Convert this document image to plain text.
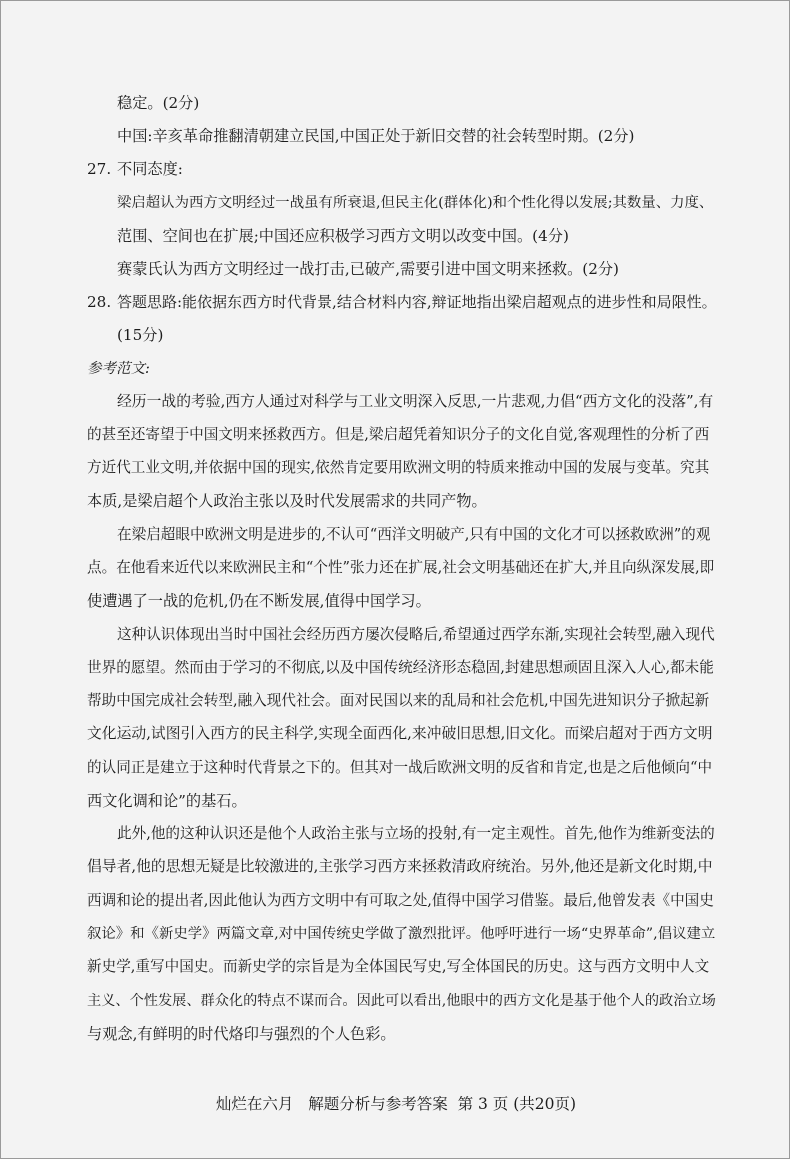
稳定。(2分)
中国:辛亥革命推翻清朝建立民国,中国正处于新旧交替的社会转型时期。(2分)
27. 不同态度:
梁启超认为西方文明经过一战虽有所衰退,但民主化(群体化)和个性化得以发展;其数量、力度、
范围、空间也在扩展;中国还应积极学习西方文明以改变中国。(4分)
赛蒙氏认为西方文明经过一战打击,已破产,需要引进中国文明来拯救。(2分)
28. 答题思路:能依据东西方时代背景,结合材料内容,辩证地指出梁启超观点的进步性和局限性。
(15分)
参考范文:
经历一战的考验,西方人通过对科学与工业文明深入反思,一片悲观,力倡“西方文化的没落”,有
的甚至还寄望于中国文明来拯救西方。但是,梁启超凭着知识分子的文化自觉,客观理性的分析了西
方近代工业文明,并依据中国的现实,依然肯定要用欧洲文明的特质来推动中国的发展与变革。究其
本质,是梁启超个人政治主张以及时代发展需求的共同产物。
在梁启超眼中欧洲文明是进步的,不认可“西洋文明破产,只有中国的文化才可以拯救欧洲”的观
点。在他看来近代以来欧洲民主和“个性”张力还在扩展,社会文明基础还在扩大,并且向纵深发展,即
使遭遇了一战的危机,仍在不断发展,值得中国学习。
这种认识体现出当时中国社会经历西方屡次侵略后,希望通过西学东渐,实现社会转型,融入现代
世界的愿望。然而由于学习的不彻底,以及中国传统经济形态稳固,封建思想顽固且深入人心,都未能
帮助中国完成社会转型,融入现代社会。面对民国以来的乱局和社会危机,中国先进知识分子掀起新
文化运动,试图引入西方的民主科学,实现全面西化,来冲破旧思想,旧文化。而梁启超对于西方文明
的认同正是建立于这种时代背景之下的。但其对一战后欧洲文明的反省和肯定,也是之后他倾向“中
西文化调和论”的基石。
此外,他的这种认识还是他个人政治主张与立场的投射,有一定主观性。首先,他作为维新变法的
倡导者,他的思想无疑是比较激进的,主张学习西方来拯救清政府统治。另外,他还是新文化时期,中
西调和论的提出者,因此他认为西方文明中有可取之处,值得中国学习借鉴。最后,他曾发表《中国史
叙论》和《新史学》两篇文章,对中国传统史学做了激烈批评。他呼吁进行一场“史界革命”,倡议建立
新史学,重写中国史。而新史学的宗旨是为全体国民写史,写全体国民的历史。这与西方文明中人文
主义、个性发展、群众化的特点不谋而合。因此可以看出,他眼中的西方文化是基于他个人的政治立场
与观念,有鲜明的时代烙印与强烈的个人色彩。
灿烂在六月 解题分析与参考答案 第 3 页 (共20页)
